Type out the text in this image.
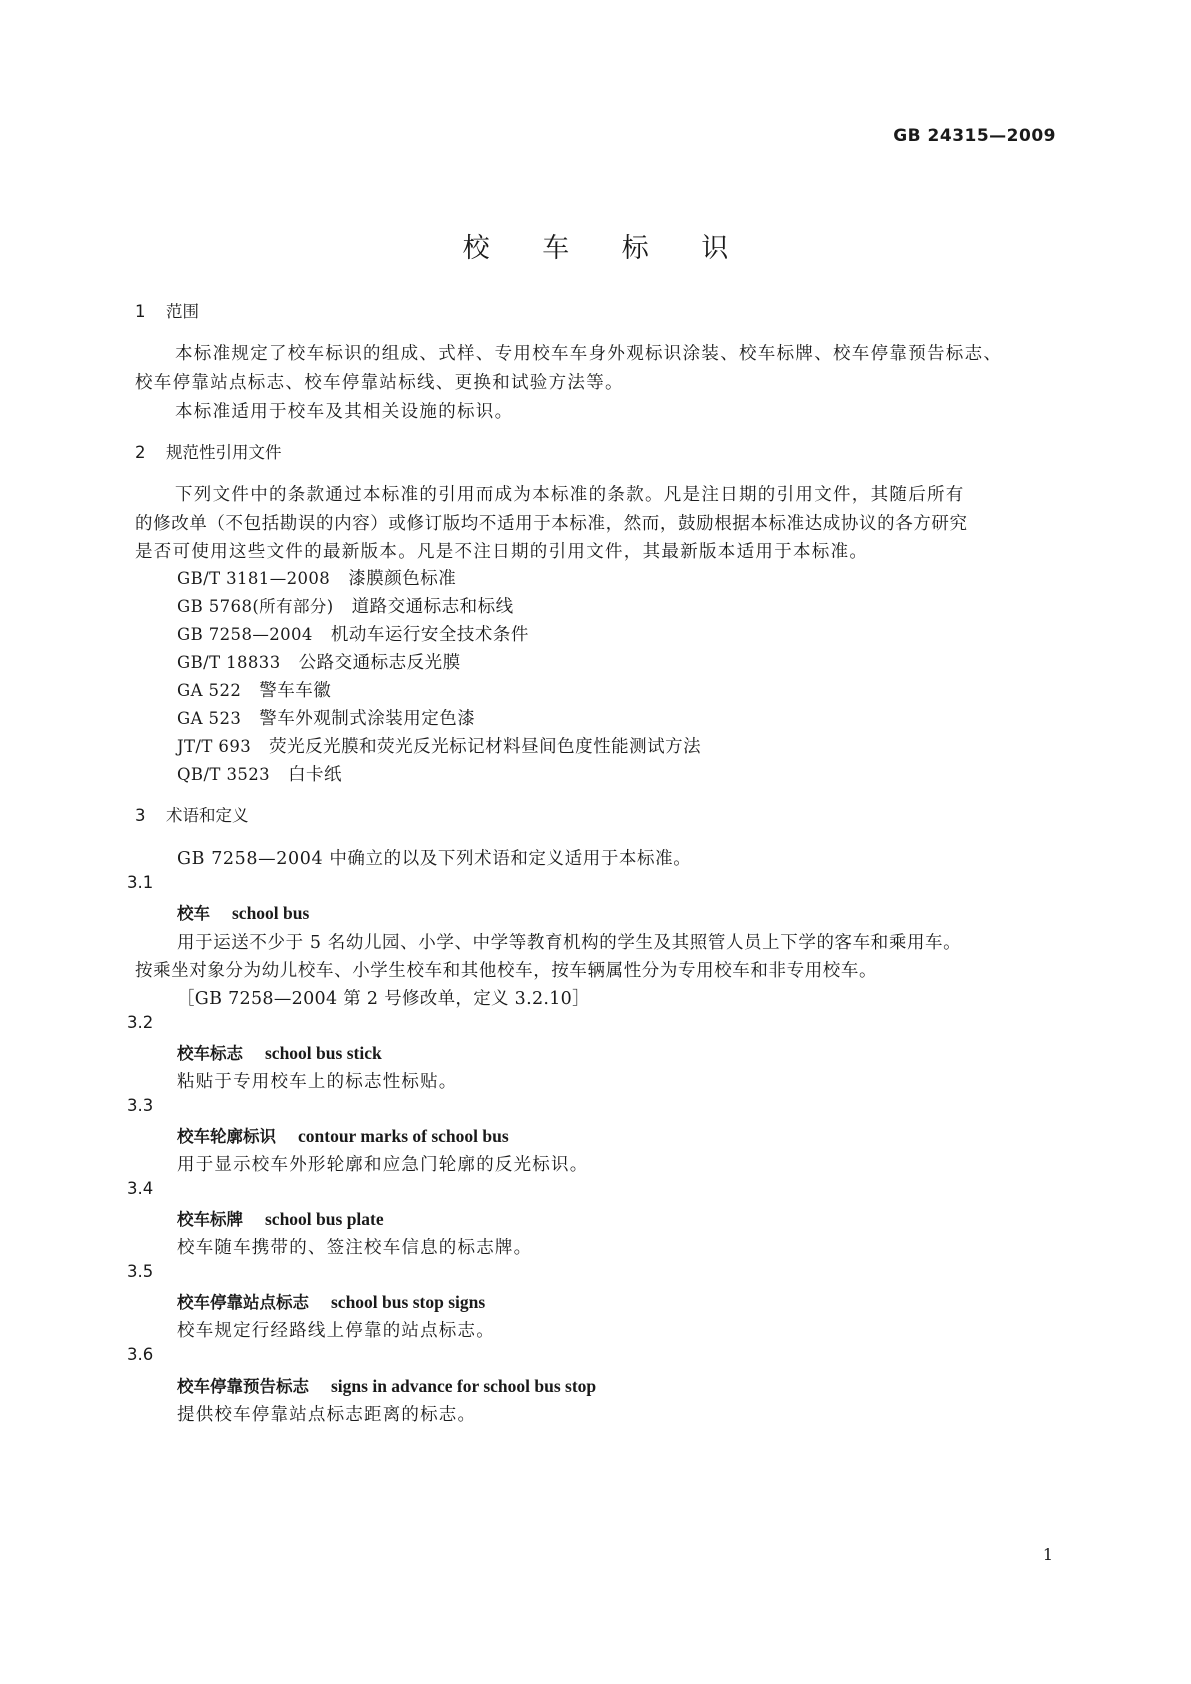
GB 24315—2009
校 车 标 识
1 范围
本标准规定了校车标识的组成、式样、专用校车车身外观标识涂装、校车标牌、校车停靠预告标志、
校车停靠站点标志、校车停靠站标线、更换和试验方法等。
本标准适用于校车及其相关设施的标识。
2 规范性引用文件
下列文件中的条款通过本标准的引用而成为本标准的条款。凡是注日期的引用文件，其随后所有
的修改单（不包括勘误的内容）或修订版均不适用于本标准，然而，鼓励根据本标准达成协议的各方研究
是否可使用这些文件的最新版本。凡是不注日期的引用文件，其最新版本适用于本标准。
GB/T 3181—2008　 漆膜颜色标准
GB 5768(所有部分)　 道路交通标志和标线
GB 7258—2004　 机动车运行安全技术条件
GB/T 18833　 公路交通标志反光膜
GA 522　 警车车徽
GA 523　 警车外观制式涂装用定色漆
JT/T 693　 荧光反光膜和荧光反光标记材料昼间色度性能测试方法
QB/T 3523　 白卡纸
3 术语和定义
GB 7258—2004 中确立的以及下列术语和定义适用于本标准。
3.1
校车 school bus
用于运送不少于 5 名幼儿园、小学、中学等教育机构的学生及其照管人员上下学的客车和乘用车。
按乘坐对象分为幼儿校车、小学生校车和其他校车，按车辆属性分为专用校车和非专用校车。
［GB 7258—2004 第 2 号修改单，定义 3.2.10］
3.2
校车标志 school bus stick
粘贴于专用校车上的标志性标贴。
3.3
校车轮廓标识 contour marks of school bus
用于显示校车外形轮廓和应急门轮廓的反光标识。
3.4
校车标牌 school bus plate
校车随车携带的、签注校车信息的标志牌。
3.5
校车停靠站点标志 school bus stop signs
校车规定行经路线上停靠的站点标志。
3.6
校车停靠预告标志 signs in advance for school bus stop
提供校车停靠站点标志距离的标志。
1
